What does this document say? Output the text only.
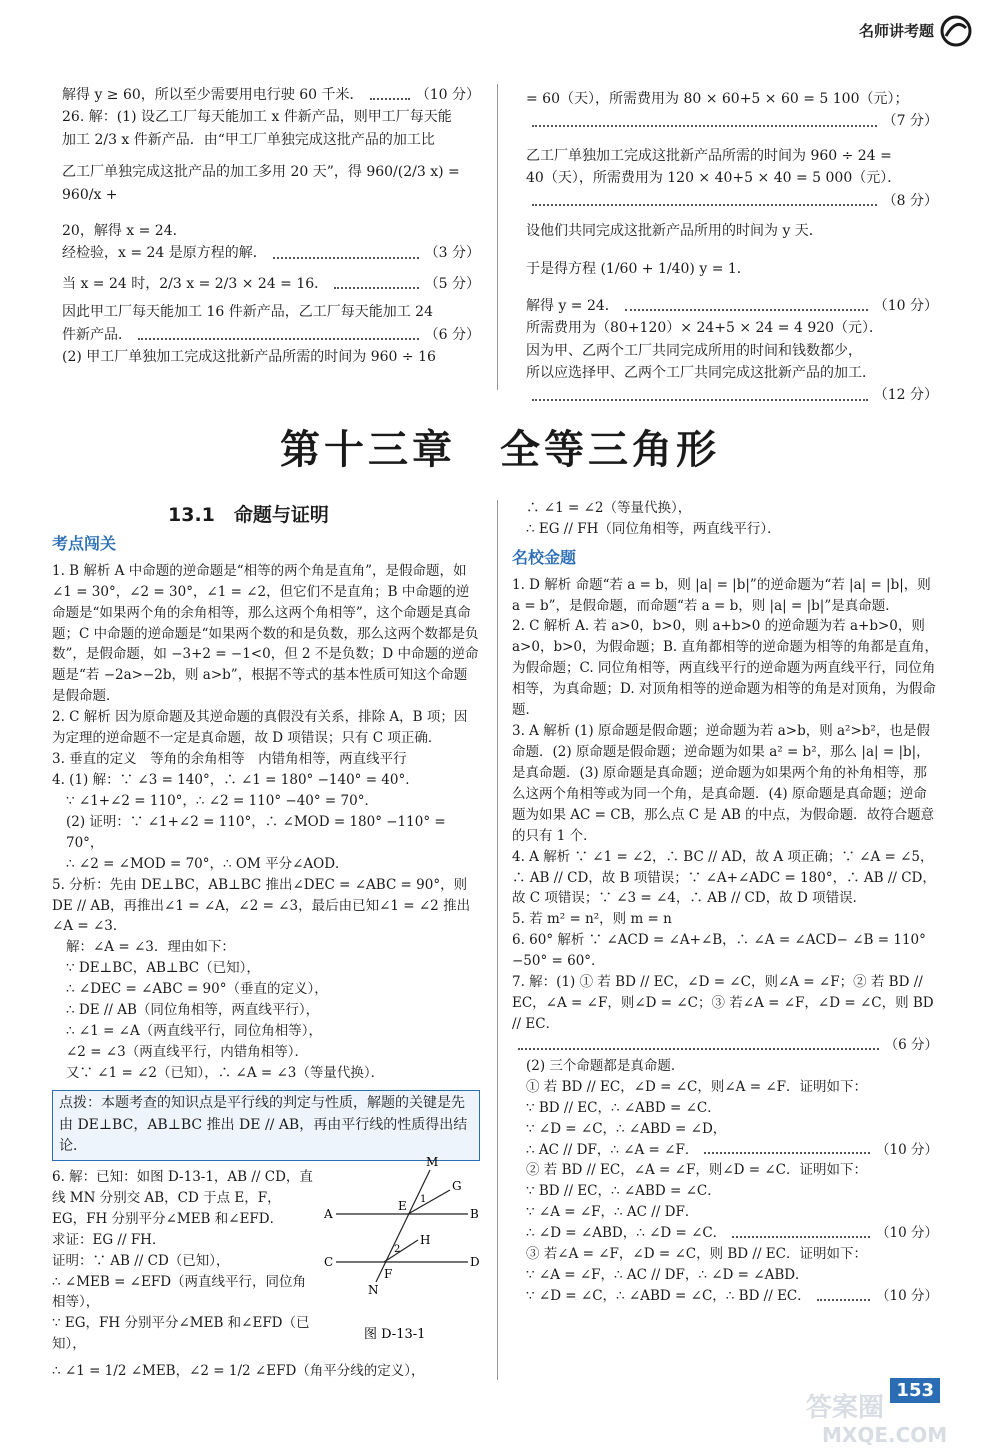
名师讲考题
解得 y ≥ 60，所以至少需要用电行驶 60 千米．	（10 分）

26. 解：(1) 设乙工厂每天能加工 x 件新产品，则甲工厂每天能

加工 2/3 x 件新产品．由“甲工厂单独完成这批产品的加工比

乙工厂单独完成这批产品的加工多用 20 天”，得 960/(2/3 x) = 960/x +

20，解得 x = 24．

经检验，x = 24 是原方程的解．	（3 分）
当 x = 24 时，2/3 x = 2/3 × 24 = 16．	（5 分）

因此甲工厂每天能加工 16 件新产品，乙工厂每天能加工 24

件新产品．	（6 分）

(2) 甲工厂单独加工完成这批新产品所需的时间为 960 ÷ 16

= 60（天），所需费用为 80 × 60+5 × 60 = 5 100（元）；

（7 分）

乙工厂单独加工完成这批新产品所需的时间为 960 ÷ 24 =

40（天），所需费用为 120 × 40+5 × 40 = 5 000（元）．

（8 分）

设他们共同完成这批新产品所用的时间为 y 天．

于是得方程 (1/60 + 1/40) y = 1．

解得 y = 24．	（10 分）

所需费用为（80+120）× 24+5 × 24 = 4 920（元）．

因为甲、乙两个工厂共同完成所用的时间和钱数都少，

所以应选择甲、乙两个工厂共同完成这批新产品的加工．

（12 分）
第十三章　全等三角形
13.1　命题与证明
考点闯关

1. B 解析 A 中命题的逆命题是“相等的两个角是直角”，是假命题，如∠1 = 30°，∠2 = 30°，∠1 = ∠2，但它们不是直角；B 中命题的逆命题是“如果两个角的余角相等，那么这两个角相等”，这个命题是真命题；C 中命题的逆命题是“如果两个数的和是负数，那么这两个数都是负数”，是假命题，如 −3+2 = −1<0，但 2 不是负数；D 中命题的逆命题是“若 −2a>−2b，则 a>b”，根据不等式的基本性质可知这个命题是假命题．

2. C 解析 因为原命题及其逆命题的真假没有关系，排除 A，B 项；因为定理的逆命题不一定是真命题，故 D 项错误；只有 C 项正确．

3. 垂直的定义　等角的余角相等　内错角相等，两直线平行

4. (1) 解：∵ ∠3 = 140°，∴ ∠1 = 180° −140° = 40°．

∵ ∠1+∠2 = 110°，∴ ∠2 = 110° −40° = 70°．

(2) 证明：∵ ∠1+∠2 = 110°，∴ ∠MOD = 180° −110° = 70°，

∴ ∠2 = ∠MOD = 70°，∴ OM 平分∠AOD．

5. 分析：先由 DE⊥BC，AB⊥BC 推出∠DEC = ∠ABC = 90°，则 DE // AB，再推出∠1 = ∠A，∠2 = ∠3，最后由已知∠1 = ∠2 推出∠A = ∠3．

解：∠A = ∠3．理由如下：

∵ DE⊥BC，AB⊥BC（已知），

∴ ∠DEC = ∠ABC = 90°（垂直的定义），

∴ DE // AB（同位角相等，两直线平行），

∴ ∠1 = ∠A（两直线平行，同位角相等），

∠2 = ∠3（两直线平行，内错角相等）．

又∵ ∠1 = ∠2（已知），∴ ∠A = ∠3（等量代换）．

点拨：本题考查的知识点是平行线的判定与性质，解题的关键是先由 DE⊥BC，AB⊥BC 推出 DE // AB，再由平行线的性质得出结论．

6. 解：已知：如图 D-13-1，AB // CD，直线 MN 分别交 AB，CD 于点 E，F，EG，FH 分别平分∠MEB 和∠EFD．

求证：EG // FH．

证明：∵ AB // CD（已知），

∴ ∠MEB = ∠EFD（两直线平行，同位角相等），

∵ EG，FH 分别平分∠MEB 和∠EFD（已知），

∴ ∠1 = 1/2 ∠MEB，∠2 = 1/2 ∠EFD（角平分线的定义），

M
G
A
E 1
B
C
2
H
F
D
N
图 D-13-1

∴ ∠1 = ∠2（等量代换），

∴ EG // FH（同位角相等，两直线平行）．

名校金题

1. D 解析 命题“若 a = b，则 |a| = |b|”的逆命题为“若 |a| = |b|，则 a = b”，是假命题，而命题“若 a = b，则 |a| = |b|”是真命题．

2. C 解析 A. 若 a>0，b>0，则 a+b>0 的逆命题为若 a+b>0，则 a>0，b>0，为假命题；B. 直角都相等的逆命题为相等的角都是直角，为假命题；C. 同位角相等，两直线平行的逆命题为两直线平行，同位角相等，为真命题；D. 对顶角相等的逆命题为相等的角是对顶角，为假命题．

3. A 解析 (1) 原命题是假命题；逆命题为若 a>b，则 a²>b²，也是假命题．(2) 原命题是假命题；逆命题为如果 a² = b²，那么 |a| = |b|，是真命题．(3) 原命题是真命题；逆命题为如果两个角的补角相等，那么这两个角相等或为同一个角，是真命题．(4) 原命题是真命题；逆命题为如果 AC = CB，那么点 C 是 AB 的中点，为假命题．故符合题意的只有 1 个．

4. A 解析 ∵ ∠1 = ∠2，∴ BC // AD，故 A 项正确；∵ ∠A = ∠5，∴ AB // CD，故 B 项错误；∵ ∠A+∠ADC = 180°，∴ AB // CD，故 C 项错误；∵ ∠3 = ∠4，∴ AB // CD，故 D 项错误．

5. 若 m² = n²，则 m = n

6. 60° 解析 ∵ ∠ACD = ∠A+∠B，∴ ∠A = ∠ACD− ∠B = 110° −50° = 60°．

7. 解：(1) ① 若 BD // EC，∠D = ∠C，则∠A = ∠F；② 若 BD // EC，∠A = ∠F，则∠D = ∠C；③ 若∠A = ∠F，∠D = ∠C，则 BD // EC．

（6 分）

(2) 三个命题都是真命题．

① 若 BD // EC，∠D = ∠C，则∠A = ∠F．证明如下：

∵ BD // EC，∴ ∠ABD = ∠C．

∵ ∠D = ∠C，∴ ∠ABD = ∠D，

∴ AC // DF，∴ ∠A = ∠F．	（10 分）

② 若 BD // EC，∠A = ∠F，则∠D = ∠C．证明如下：

∵ BD // EC，∴ ∠ABD = ∠C．

∵ ∠A = ∠F，∴ AC // DF．

∴ ∠D = ∠ABD，∴ ∠D = ∠C．	（10 分）

③ 若∠A = ∠F，∠D = ∠C，则 BD // EC．证明如下：

∵ ∠A = ∠F，∴ AC // DF，∴ ∠D = ∠ABD．

∵ ∠D = ∠C，∴ ∠ABD = ∠C，∴ BD // EC．	（10 分）
153
答案圈
MXQE.COM
